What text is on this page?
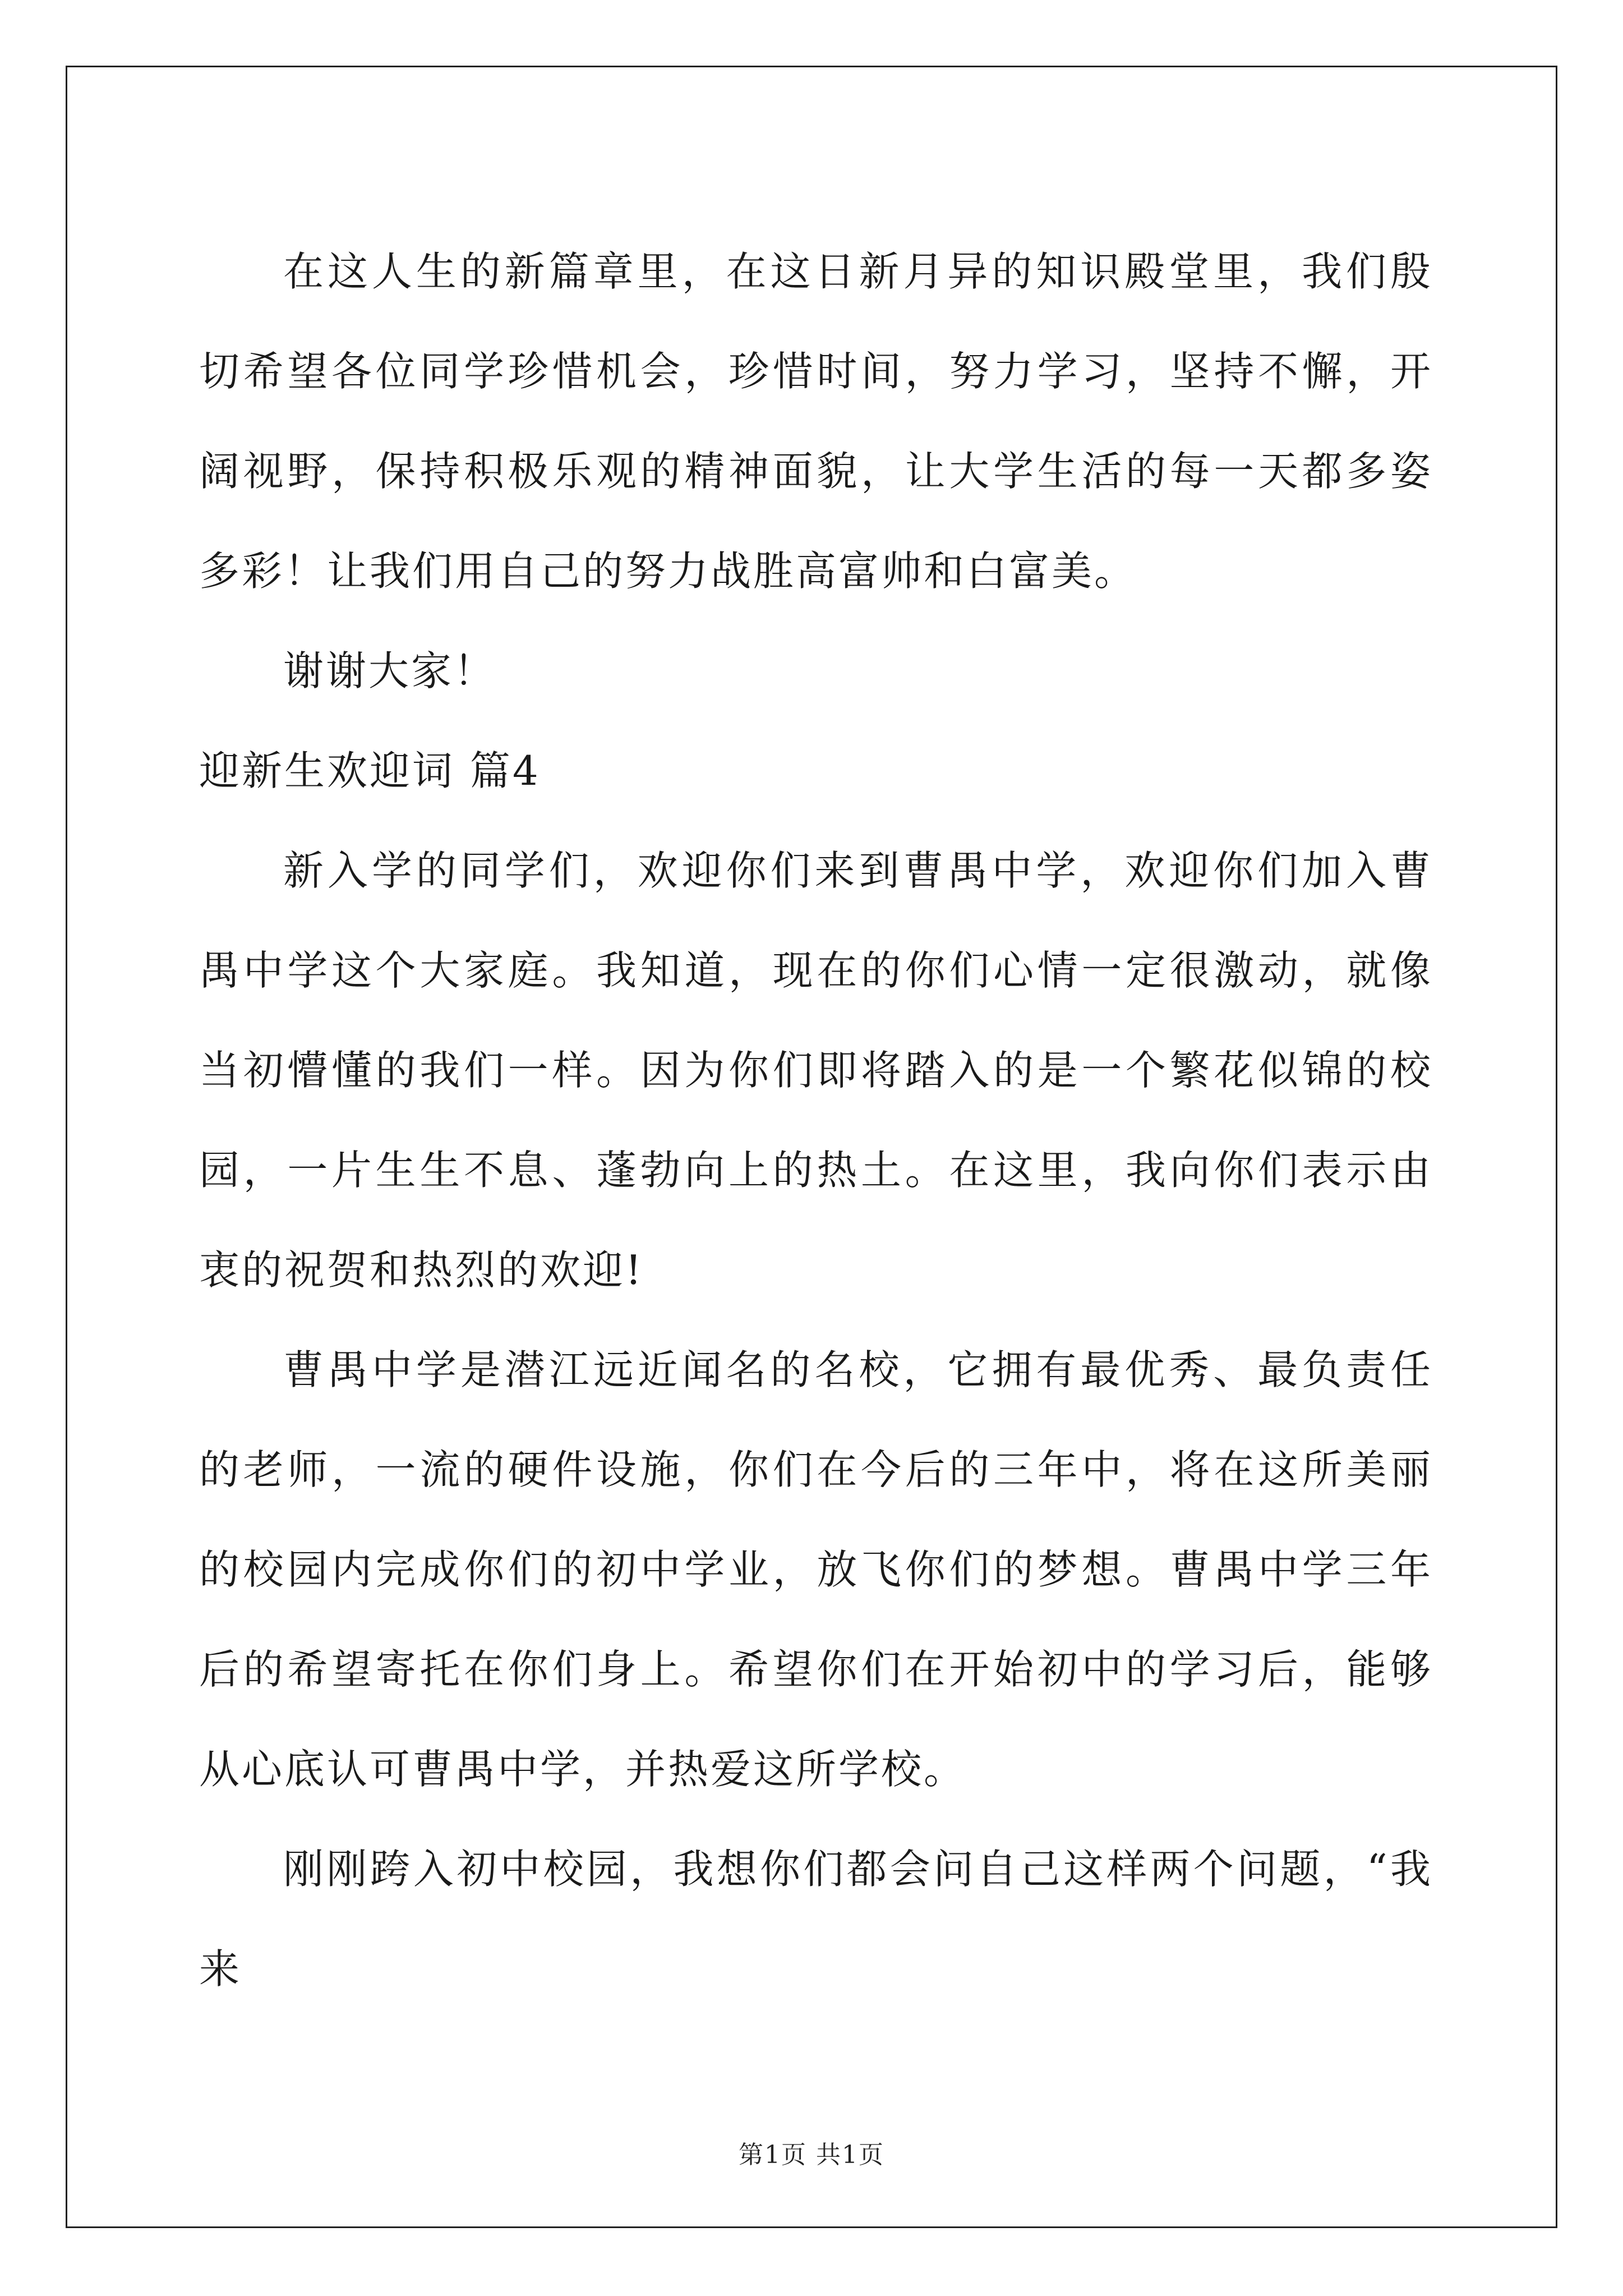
在这人生的新篇章里，在这日新月异的知识殿堂里，我们殷切希望各位同学珍惜机会，珍惜时间，努力学习，坚持不懈，开阔视野，保持积极乐观的精神面貌，让大学生活的每一天都多姿多彩！让我们用自己的努力战胜高富帅和白富美。

谢谢大家！

迎新生欢迎词 篇4

新入学的同学们，欢迎你们来到曹禺中学，欢迎你们加入曹禺中学这个大家庭。我知道，现在的你们心情一定很激动，就像当初懵懂的我们一样。因为你们即将踏入的是一个繁花似锦的校园，一片生生不息、蓬勃向上的热土。在这里，我向你们表示由衷的祝贺和热烈的欢迎!

曹禺中学是潜江远近闻名的名校，它拥有最优秀、最负责任的老师，一流的硬件设施，你们在今后的三年中，将在这所美丽的校园内完成你们的初中学业，放飞你们的梦想。曹禺中学三年后的希望寄托在你们身上。希望你们在开始初中的学习后，能够从心底认可曹禺中学，并热爱这所学校。

刚刚跨入初中校园，我想你们都会问自己这样两个问题，“我来

第1页 共1页
